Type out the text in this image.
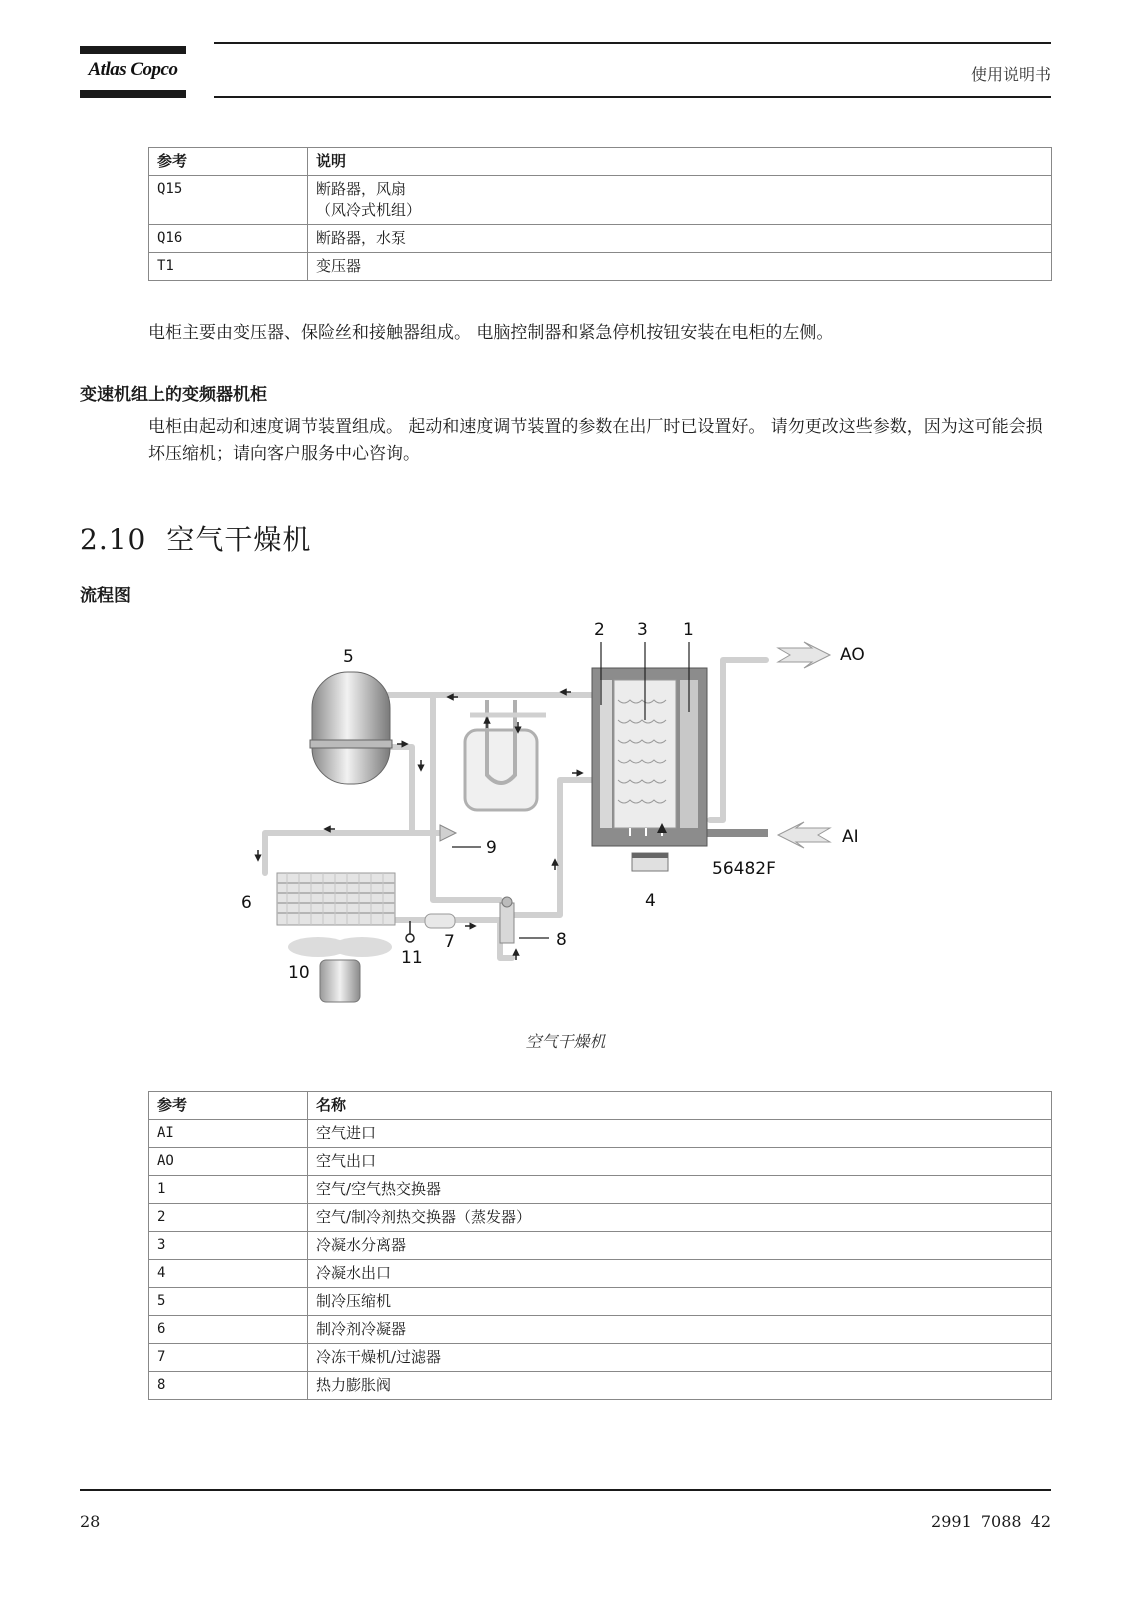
Atlas Copco	使用说明书
参考	说明
Q15	断路器，风扇
（风冷式机组）
Q16	断路器，水泵
T1	变压器
电柜主要由变压器、保险丝和接触器组成。 电脑控制器和紧急停机按钮安装在电柜的左侧。
变速机组上的变频器机柜
电柜由起动和速度调节装置组成。 起动和速度调节装置的参数在出厂时已设置好。 请勿更改这些参数，因为这可能会损坏压缩机；请向客户服务中心咨询。
2.10 空气干燥机
流程图
2 3 1
5
9
4
6
7	8
11
10
AO
AI
56482F
空气干燥机
参考	名称
AI	空气进口
AO	空气出口
1	空气/空气热交换器
2	空气/制冷剂热交换器（蒸发器）
3	冷凝水分离器
4	冷凝水出口
5	制冷压缩机
6	制冷剂冷凝器
7	冷冻干燥机/过滤器
8	热力膨胀阀
28	2991 7088 42
